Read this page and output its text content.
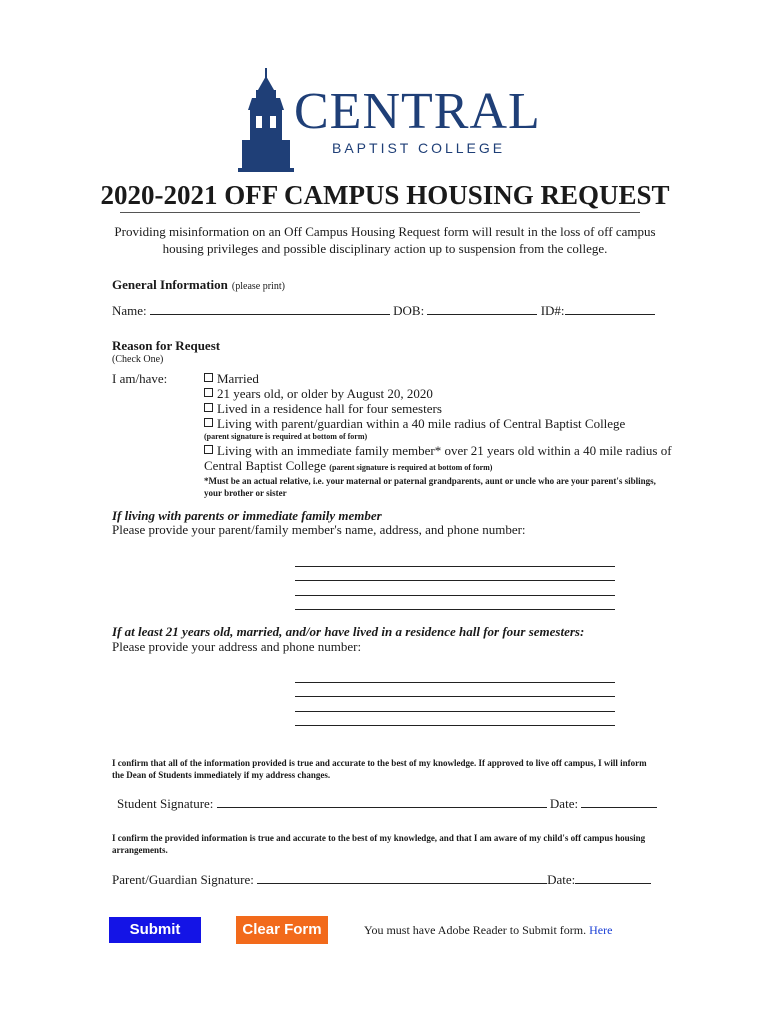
CENTRAL
BAPTIST COLLEGE
2020-2021 OFF CAMPUS HOUSING REQUEST
Providing misinformation on an Off Campus Housing Request form will result in the loss of off campus housing privileges and possible disciplinary action up to suspension from the college.
General Information (please print)
Name:	DOB:	ID#:
Reason for Request
(Check One)
I am/have:	Married
21 years old, or older by August 20, 2020
Lived in a residence hall for four semesters
Living with parent/guardian within a 40 mile radius of Central Baptist College
(parent signature is required at bottom of form)
Living with an immediate family member* over 21 years old within a 40 mile radius of
Central Baptist College (parent signature is required at bottom of form)
*Must be an actual relative, i.e. your maternal or paternal grandparents, aunt or uncle who are your parent's siblings, your brother or sister
If living with parents or immediate family member
Please provide your parent/family member's name, address, and phone number:
If at least 21 years old, married, and/or have lived in a residence hall for four semesters:
Please provide your address and phone number:
I confirm that all of the information provided is true and accurate to the best of my knowledge. If approved to live off campus, I will inform the Dean of Students immediately if my address changes.
Student Signature:	Date:
I confirm the provided information is true and accurate to the best of my knowledge, and that I am aware of my child's off campus housing arrangements.
Parent/Guardian Signature:	Date:
Submit Form
Clear Form	You must have Adobe Reader to Submit form. Here
